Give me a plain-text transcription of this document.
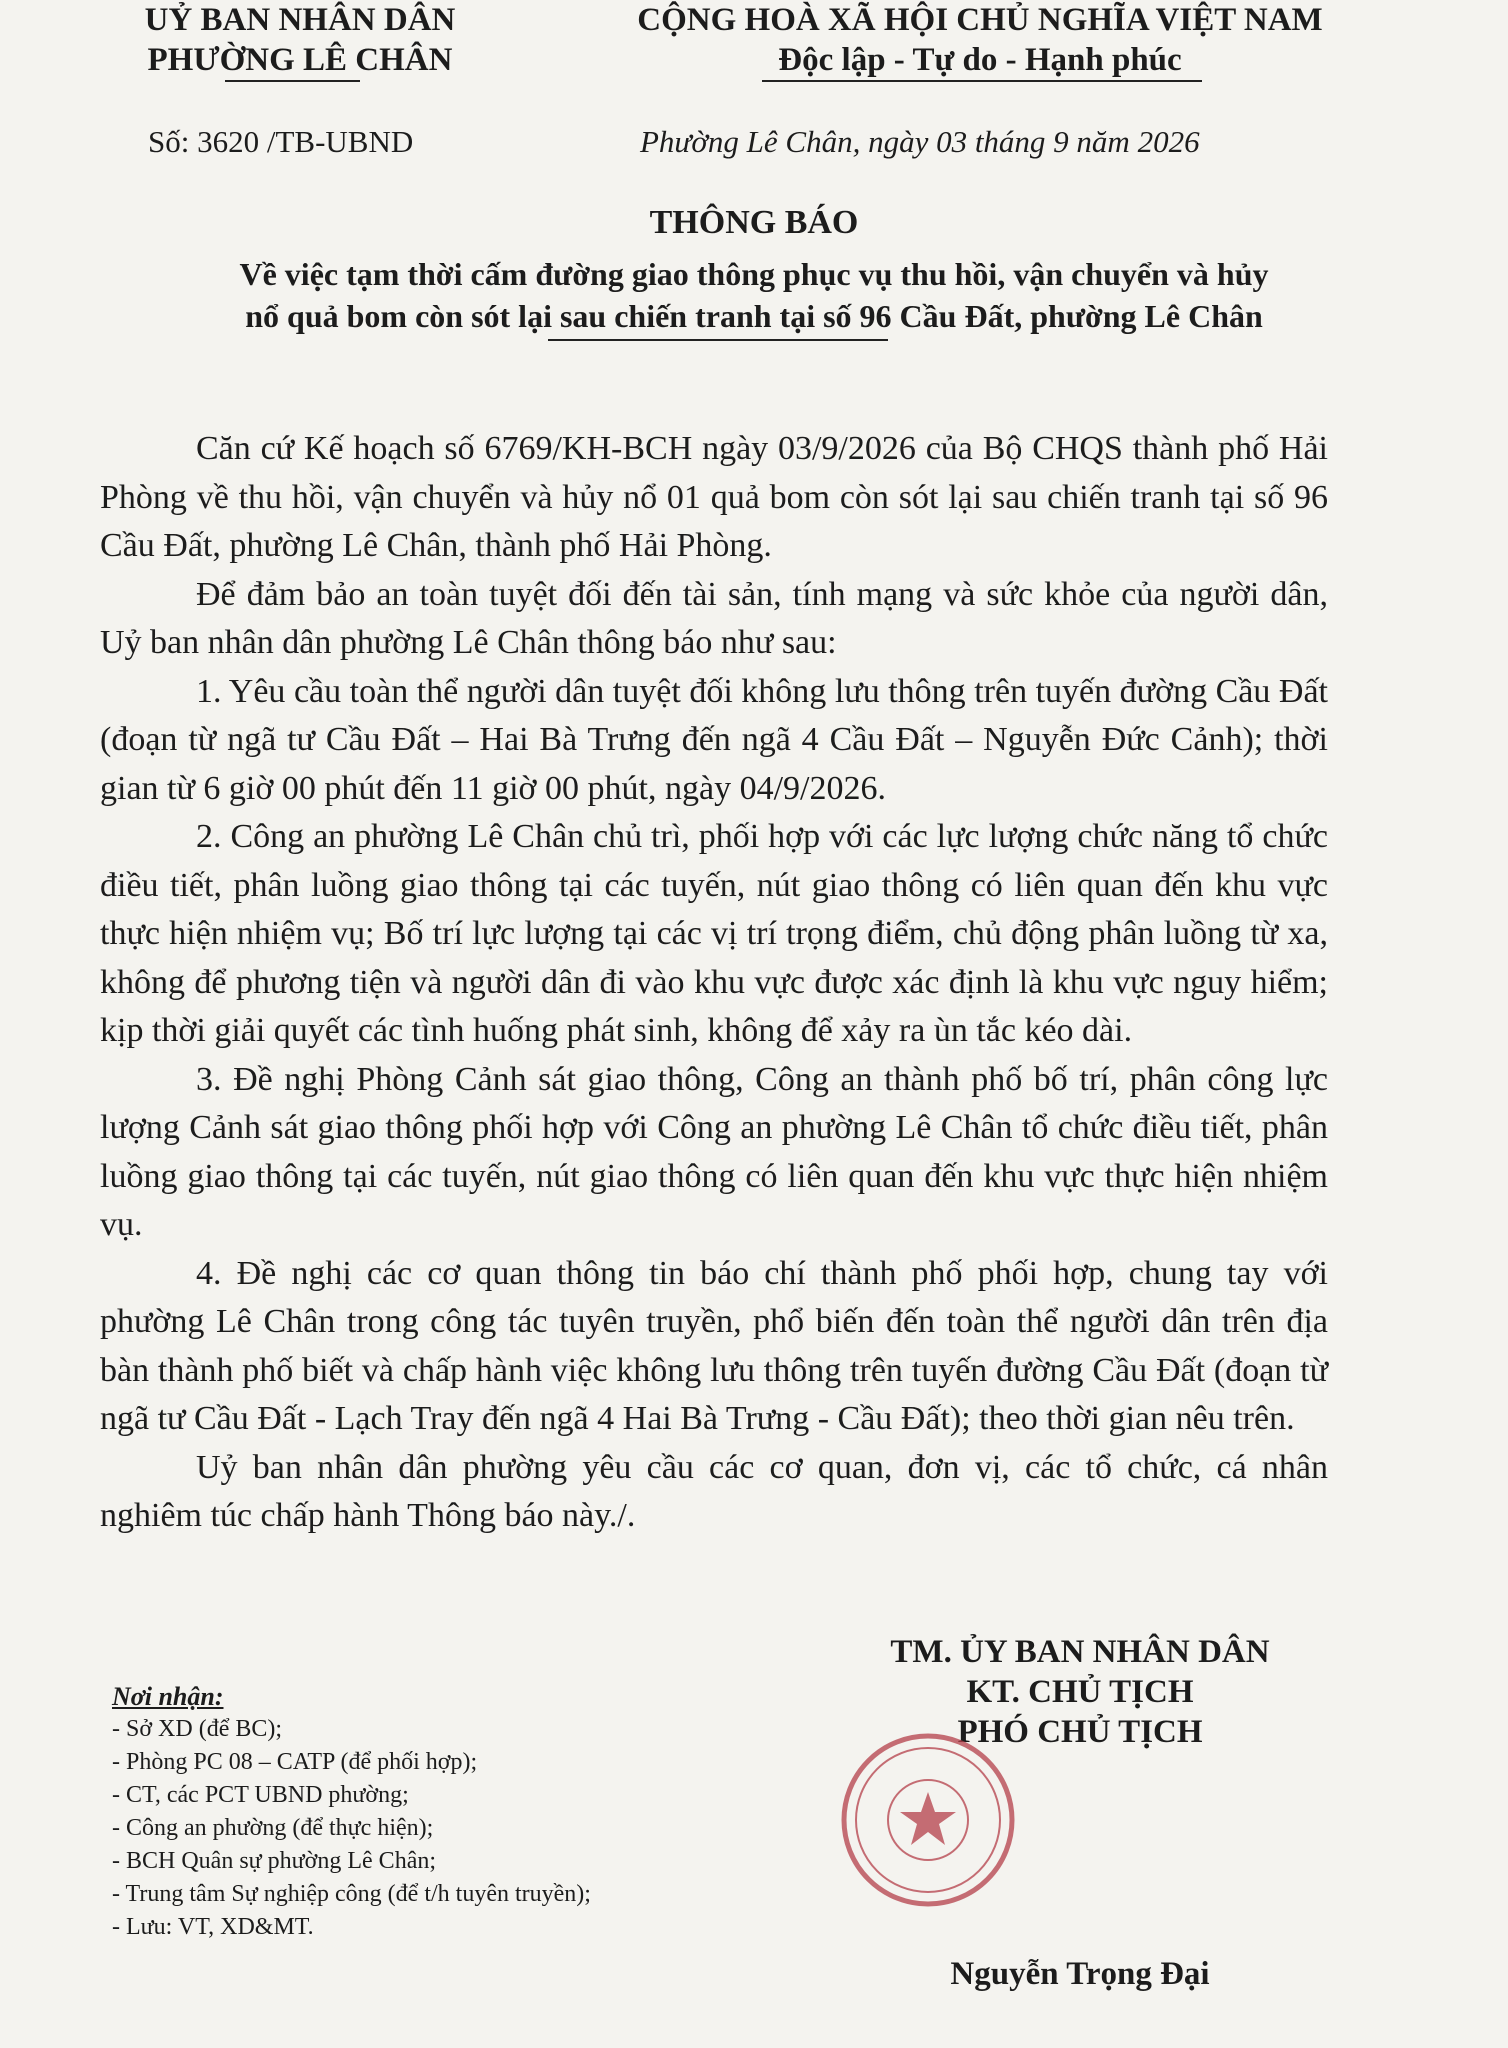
UỶ BAN NHÂN DÂN
PHƯỜNG LÊ CHÂN
CỘNG HOÀ XÃ HỘI CHỦ NGHĨA VIỆT NAM
Độc lập - Tự do - Hạnh phúc
Số: 3620 /TB-UBND	Phường Lê Chân, ngày 03 tháng 9 năm 2026
THÔNG BÁO
Về việc tạm thời cấm đường giao thông phục vụ thu hồi, vận chuyển và hủy
nổ quả bom còn sót lại sau chiến tranh tại số 96 Cầu Đất, phường Lê Chân

Căn cứ Kế hoạch số 6769/KH-BCH ngày 03/9/2026 của Bộ CHQS thành phố Hải Phòng về thu hồi, vận chuyển và hủy nổ 01 quả bom còn sót lại sau chiến tranh tại số 96 Cầu Đất, phường Lê Chân, thành phố Hải Phòng.

Để đảm bảo an toàn tuyệt đối đến tài sản, tính mạng và sức khỏe của người dân, Uỷ ban nhân dân phường Lê Chân thông báo như sau:

1. Yêu cầu toàn thể người dân tuyệt đối không lưu thông trên tuyến đường Cầu Đất (đoạn từ ngã tư Cầu Đất – Hai Bà Trưng đến ngã 4 Cầu Đất – Nguyễn Đức Cảnh); thời gian từ 6 giờ 00 phút đến 11 giờ 00 phút, ngày 04/9/2026.

2. Công an phường Lê Chân chủ trì, phối hợp với các lực lượng chức năng tổ chức điều tiết, phân luồng giao thông tại các tuyến, nút giao thông có liên quan đến khu vực thực hiện nhiệm vụ; Bố trí lực lượng tại các vị trí trọng điểm, chủ động phân luồng từ xa, không để phương tiện và người dân đi vào khu vực được xác định là khu vực nguy hiểm; kịp thời giải quyết các tình huống phát sinh, không để xảy ra ùn tắc kéo dài.

3. Đề nghị Phòng Cảnh sát giao thông, Công an thành phố bố trí, phân công lực lượng Cảnh sát giao thông phối hợp với Công an phường Lê Chân tổ chức điều tiết, phân luồng giao thông tại các tuyến, nút giao thông có liên quan đến khu vực thực hiện nhiệm vụ.

4. Đề nghị các cơ quan thông tin báo chí thành phố phối hợp, chung tay với phường Lê Chân trong công tác tuyên truyền, phổ biến đến toàn thể người dân trên địa bàn thành phố biết và chấp hành việc không lưu thông trên tuyến đường Cầu Đất (đoạn từ ngã tư Cầu Đất - Lạch Tray đến ngã 4 Hai Bà Trưng - Cầu Đất); theo thời gian nêu trên.

Uỷ ban nhân dân phường yêu cầu các cơ quan, đơn vị, các tổ chức, cá nhân nghiêm túc chấp hành Thông báo này./.

TM. ỦY BAN NHÂN DÂN
KT. CHỦ TỊCH
PHÓ CHỦ TỊCH
Nguyễn Trọng Đại
Nơi nhận:
- Sở XD (để BC);
- Phòng PC 08 – CATP (để phối hợp);
- CT, các PCT UBND phường;
- Công an phường (để thực hiện);
- BCH Quân sự phường Lê Chân;
- Trung tâm Sự nghiệp công (để t/h tuyên truyền);
- Lưu: VT, XD&MT.
